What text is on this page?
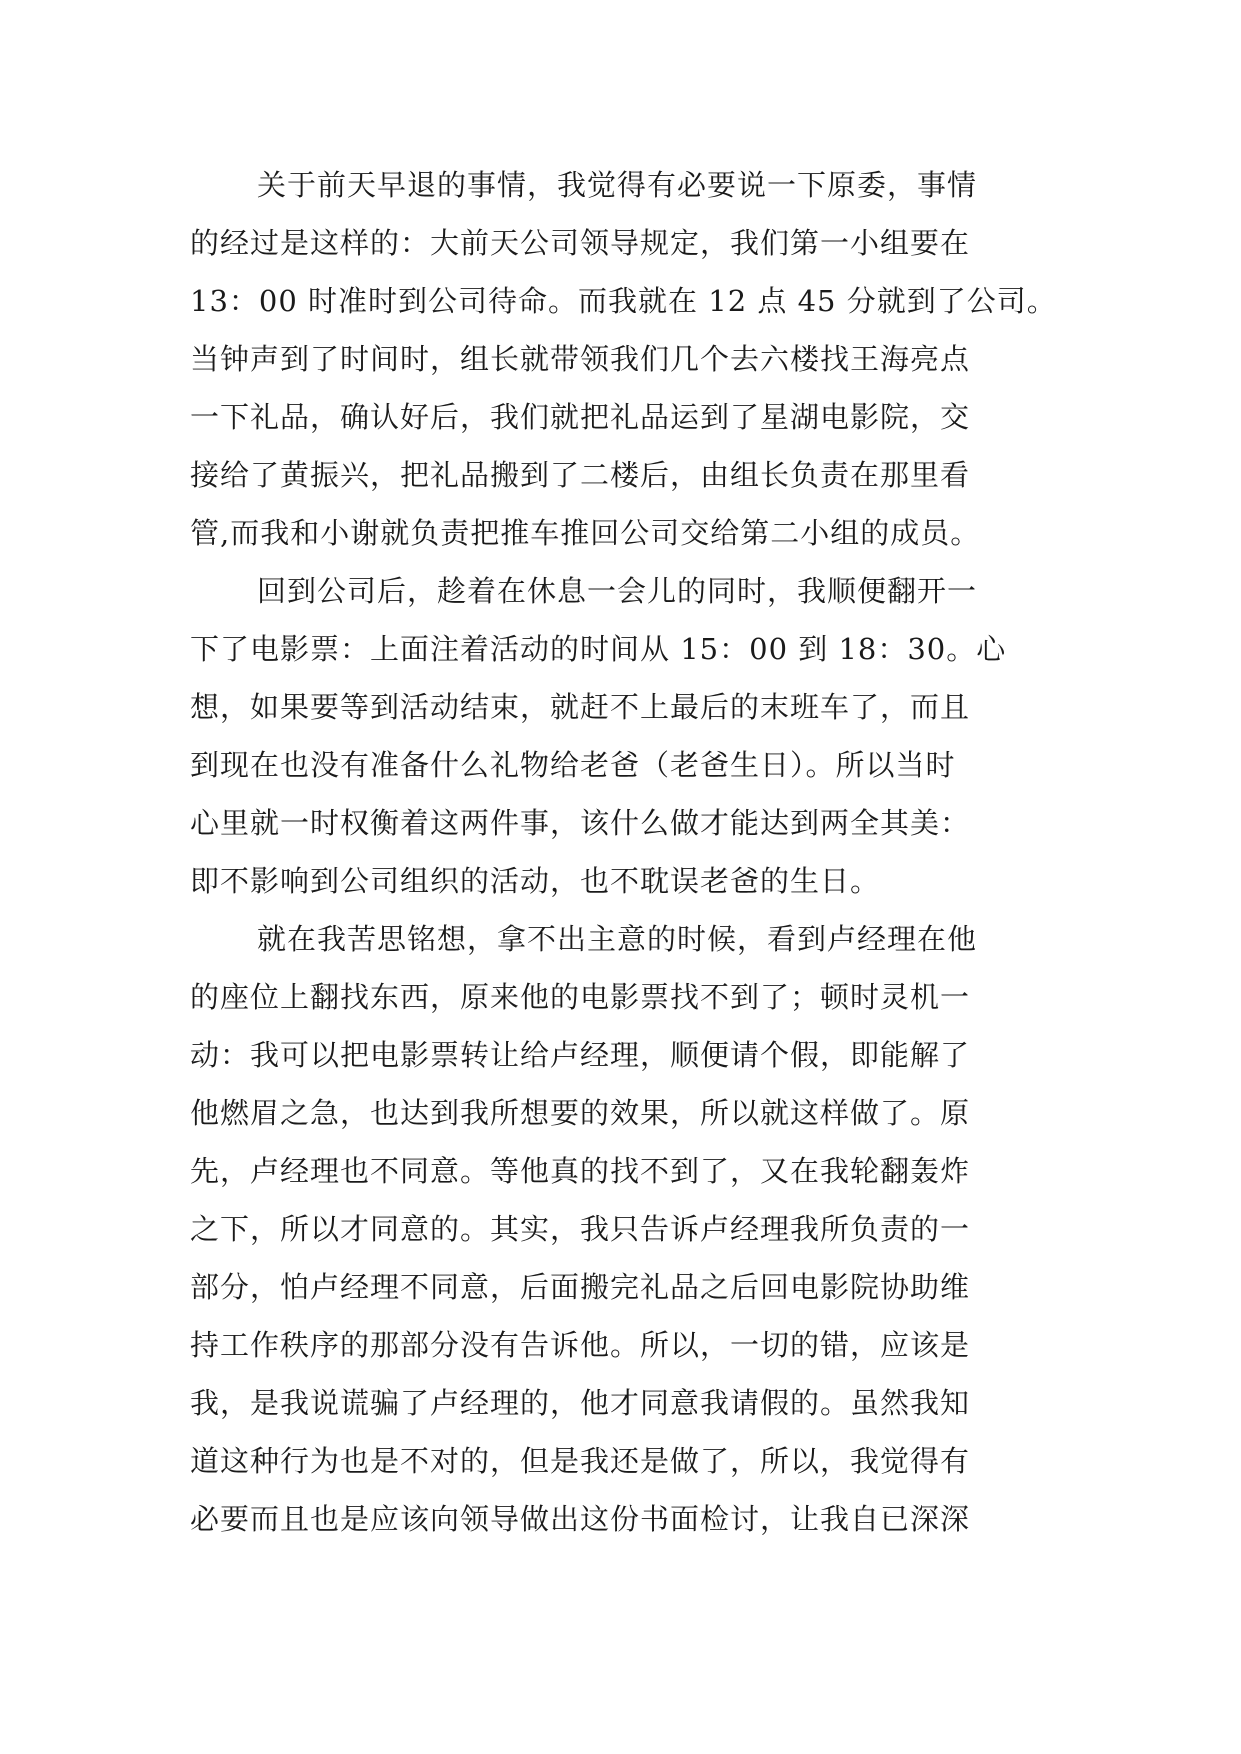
关于前天早退的事情，我觉得有必要说一下原委，事情
的经过是这样的：大前天公司领导规定，我们第一小组要在
13：00 时准时到公司待命。而我就在 12 点 45 分就到了公司。
当钟声到了时间时，组长就带领我们几个去六楼找王海亮点
一下礼品，确认好后，我们就把礼品运到了星湖电影院，交
接给了黄振兴，把礼品搬到了二楼后，由组长负责在那里看
管,而我和小谢就负责把推车推回公司交给第二小组的成员。
回到公司后，趁着在休息一会儿的同时，我顺便翻开一
下了电影票：上面注着活动的时间从 15：00 到 18：30。心
想，如果要等到活动结束，就赶不上最后的末班车了，而且
到现在也没有准备什么礼物给老爸（老爸生日）。所以当时
心里就一时权衡着这两件事，该什么做才能达到两全其美：
即不影响到公司组织的活动，也不耽误老爸的生日。
就在我苦思铭想，拿不出主意的时候，看到卢经理在他
的座位上翻找东西，原来他的电影票找不到了；顿时灵机一
动：我可以把电影票转让给卢经理，顺便请个假，即能解了
他燃眉之急，也达到我所想要的效果，所以就这样做了。原
先，卢经理也不同意。等他真的找不到了，又在我轮翻轰炸
之下，所以才同意的。其实，我只告诉卢经理我所负责的一
部分，怕卢经理不同意，后面搬完礼品之后回电影院协助维
持工作秩序的那部分没有告诉他。所以，一切的错，应该是
我，是我说谎骗了卢经理的，他才同意我请假的。虽然我知
道这种行为也是不对的，但是我还是做了，所以，我觉得有
必要而且也是应该向领导做出这份书面检讨，让我自已深深
